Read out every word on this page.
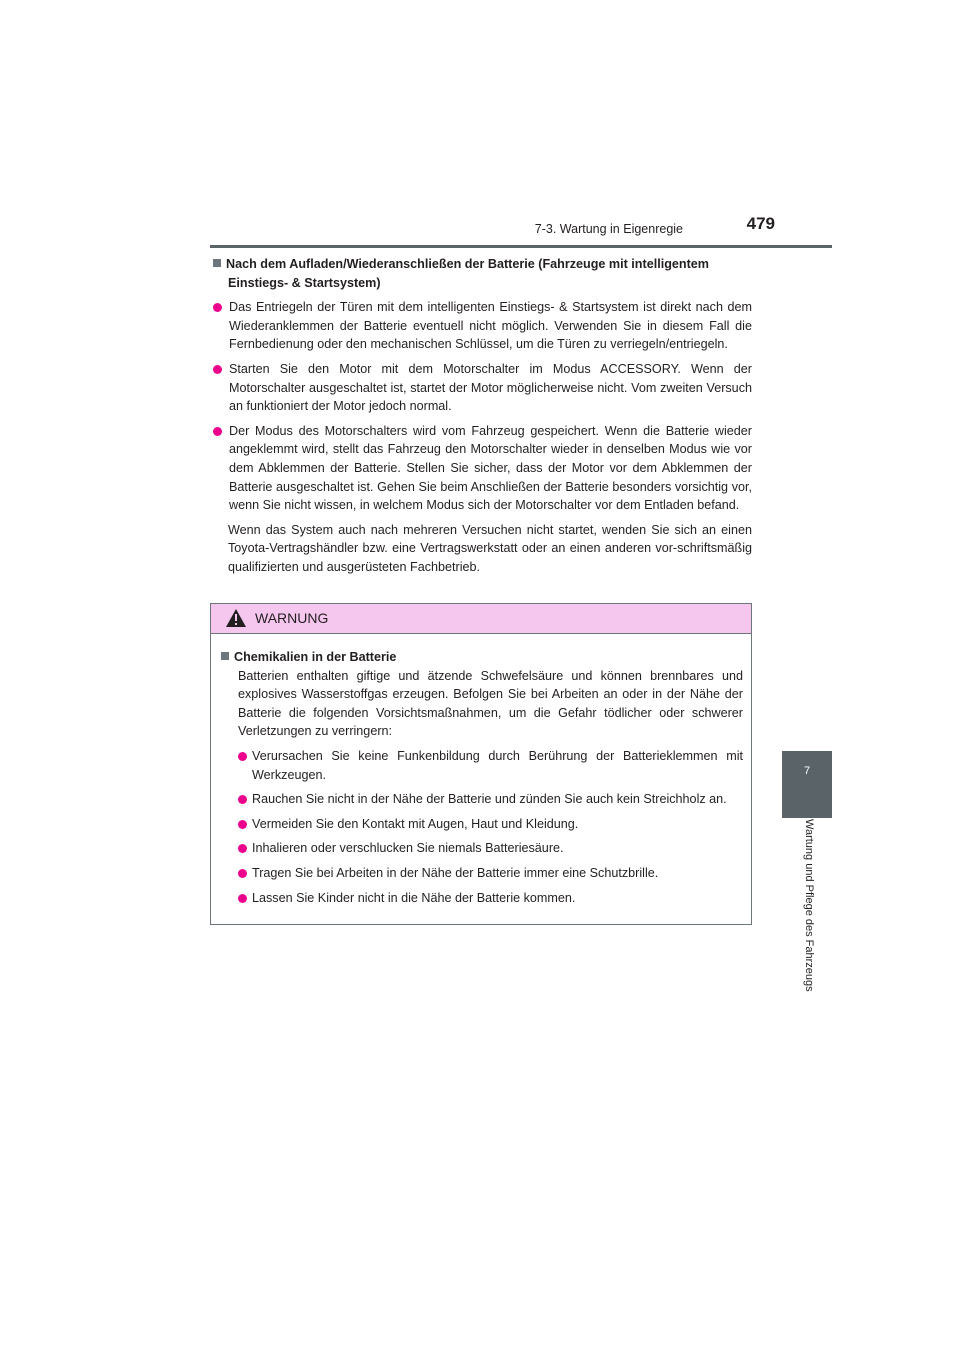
7-3. Wartung in Eigenregie	479
7
Wartung und Pflege des Fahrzeugs
Nach dem Aufladen/Wiederanschließen der Batterie (Fahrzeuge mit intelligentem Einstiegs- & Startsystem)
Das Entriegeln der Türen mit dem intelligenten Einstiegs- & Startsystem ist direkt nach dem Wiederanklemmen der Batterie eventuell nicht möglich. Verwenden Sie in diesem Fall die Fernbedienung oder den mechanischen Schlüssel, um die Türen zu verriegeln/entriegeln.
Starten Sie den Motor mit dem Motorschalter im Modus ACCESSORY. Wenn der Motorschalter ausgeschaltet ist, startet der Motor möglicherweise nicht. Vom zweiten Versuch an funktioniert der Motor jedoch normal.
Der Modus des Motorschalters wird vom Fahrzeug gespeichert. Wenn die Batterie wieder angeklemmt wird, stellt das Fahrzeug den Motorschalter wieder in denselben Modus wie vor dem Abklemmen der Batterie. Stellen Sie sicher, dass der Motor vor dem Abklemmen der Batterie ausgeschaltet ist. Gehen Sie beim Anschließen der Batterie besonders vorsichtig vor, wenn Sie nicht wissen, in welchem Modus sich der Motorschalter vor dem Entladen befand.
Wenn das System auch nach mehreren Versuchen nicht startet, wenden Sie sich an einen Toyota-Vertragshändler bzw. eine Vertragswerkstatt oder an einen anderen vor-schriftsmäßig qualifizierten und ausgerüsteten Fachbetrieb.
WARNUNG
Chemikalien in der Batterie
Batterien enthalten giftige und ätzende Schwefelsäure und können brennbares und explosives Wasserstoffgas erzeugen. Befolgen Sie bei Arbeiten an oder in der Nähe der Batterie die folgenden Vorsichtsmaßnahmen, um die Gefahr tödlicher oder schwerer Verletzungen zu verringern:
Verursachen Sie keine Funkenbildung durch Berührung der Batterieklemmen mit Werkzeugen.
Rauchen Sie nicht in der Nähe der Batterie und zünden Sie auch kein Streichholz an.
Vermeiden Sie den Kontakt mit Augen, Haut und Kleidung.
Inhalieren oder verschlucken Sie niemals Batteriesäure.
Tragen Sie bei Arbeiten in der Nähe der Batterie immer eine Schutzbrille.
Lassen Sie Kinder nicht in die Nähe der Batterie kommen.
